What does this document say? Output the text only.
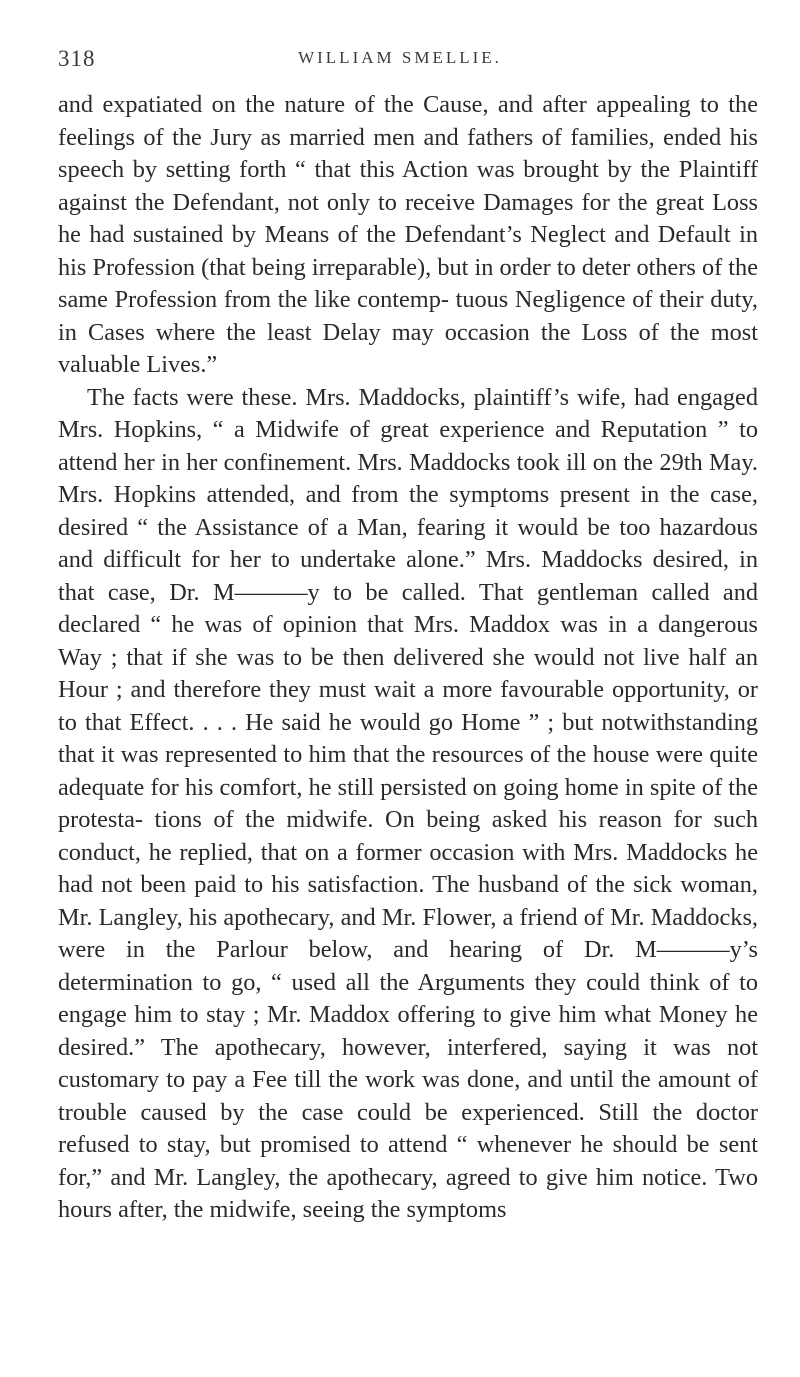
318	WILLIAM SMELLIE.

and expatiated on the nature of the Cause, and after appealing to the feelings of the Jury as married men and fathers of families, ended his speech by setting forth “ that this Action was brought by the Plaintiff against the Defendant, not only to receive Damages for the great Loss he had sustained by Means of the Defendant’s Neglect and Default in his Profession (that being irreparable), but in order to deter others of the same Profession from the like contemp- tuous Negligence of their duty, in Cases where the least Delay may occasion the Loss of the most valuable Lives.”

The facts were these. Mrs. Maddocks, plaintiff’s wife, had engaged Mrs. Hopkins, “ a Midwife of great experience and Reputation ” to attend her in her confinement. Mrs. Maddocks took ill on the 29th May. Mrs. Hopkins attended, and from the symptoms present in the case, desired “ the Assistance of a Man, fearing it would be too hazardous and difficult for her to undertake alone.” Mrs. Maddocks desired, in that case, Dr. M———y to be called. That gentleman called and declared “ he was of opinion that Mrs. Maddox was in a dangerous Way ; that if she was to be then delivered she would not live half an Hour ; and therefore they must wait a more favourable opportunity, or to that Effect. . . . He said he would go Home ” ; but notwithstanding that it was represented to him that the resources of the house were quite adequate for his comfort, he still persisted on going home in spite of the protesta- tions of the midwife. On being asked his reason for such conduct, he replied, that on a former occasion with Mrs. Maddocks he had not been paid to his satisfaction. The husband of the sick woman, Mr. Langley, his apothecary, and Mr. Flower, a friend of Mr. Maddocks, were in the Parlour below, and hearing of Dr. M———y’s determination to go, “ used all the Arguments they could think of to engage him to stay ; Mr. Maddox offering to give him what Money he desired.” The apothecary, however, interfered, saying it was not customary to pay a Fee till the work was done, and until the amount of trouble caused by the case could be experienced. Still the doctor refused to stay, but promised to attend “ whenever he should be sent for,” and Mr. Langley, the apothecary, agreed to give him notice. Two hours after, the midwife, seeing the symptoms
